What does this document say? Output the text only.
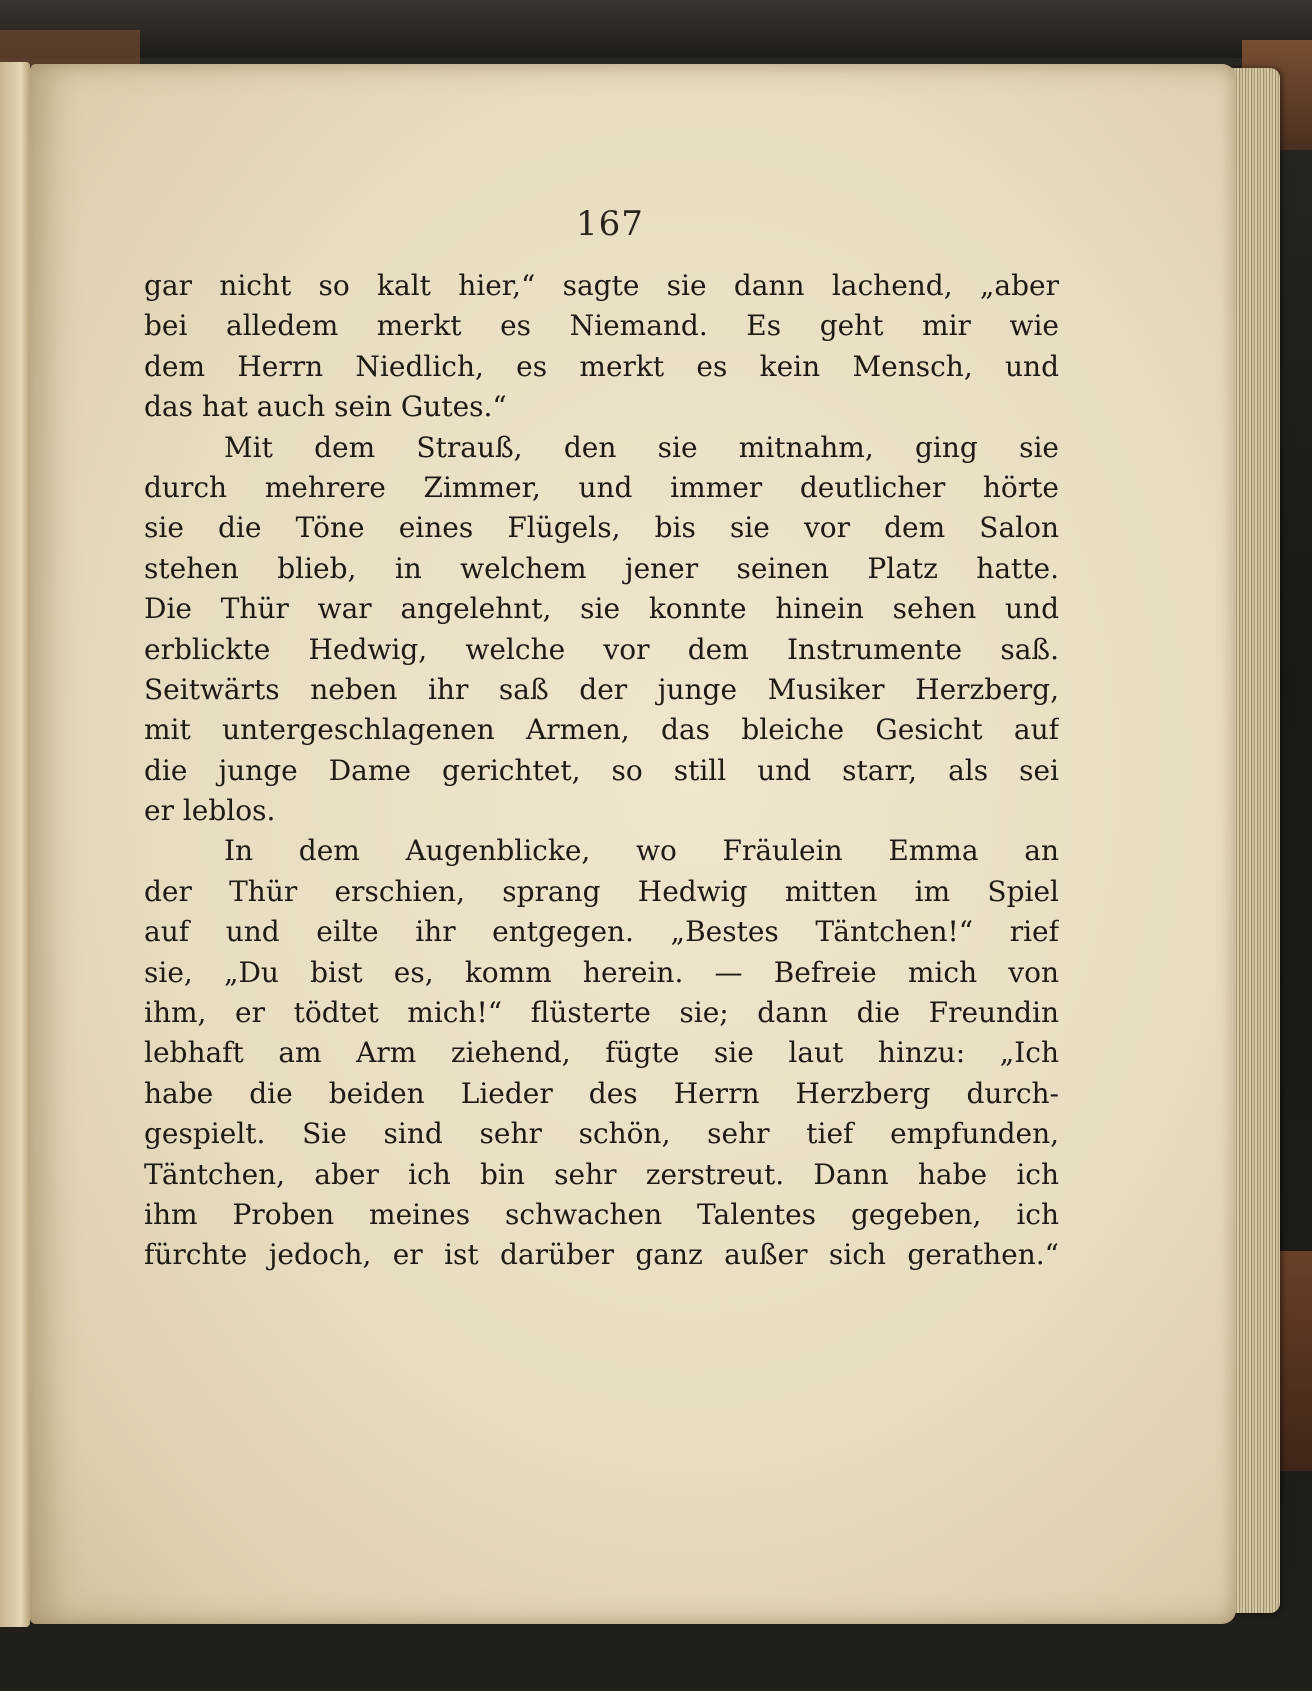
167
gar nicht so kalt hier,“ sagte sie dann lachend, „aber
bei alledem merkt es Niemand. Es geht mir wie
dem Herrn Niedlich, es merkt es kein Mensch, und
das hat auch sein Gutes.“
Mit dem Strauß, den sie mitnahm, ging sie
durch mehrere Zimmer, und immer deutlicher hörte
sie die Töne eines Flügels, bis sie vor dem Salon
stehen blieb, in welchem jener seinen Platz hatte.
Die Thür war angelehnt, sie konnte hinein sehen und
erblickte Hedwig, welche vor dem Instrumente saß.
Seitwärts neben ihr saß der junge Musiker Herzberg,
mit untergeschlagenen Armen, das bleiche Gesicht auf
die junge Dame gerichtet, so still und starr, als sei
er leblos.
In dem Augenblicke, wo Fräulein Emma an
der Thür erschien, sprang Hedwig mitten im Spiel
auf und eilte ihr entgegen. „Bestes Täntchen!“ rief
sie, „Du bist es, komm herein. — Befreie mich von
ihm, er tödtet mich!“ flüsterte sie; dann die Freundin
lebhaft am Arm ziehend, fügte sie laut hinzu: „Ich
habe die beiden Lieder des Herrn Herzberg durch-
gespielt. Sie sind sehr schön, sehr tief empfunden,
Täntchen, aber ich bin sehr zerstreut. Dann habe ich
ihm Proben meines schwachen Talentes gegeben, ich
fürchte jedoch, er ist darüber ganz außer sich gerathen.“
